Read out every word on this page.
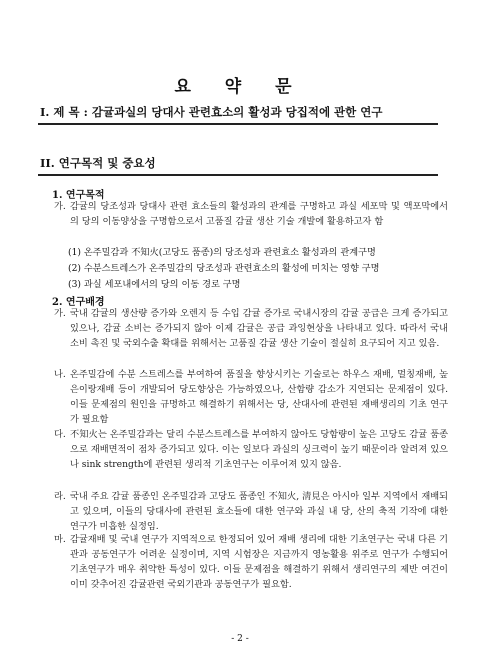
요 약 문
I. 제 목 : 감귤과실의 당대사 관련효소의 활성과 당집적에 관한 연구
II. 연구목적 및 중요성
1. 연구목적
가. 감귤의 당조성과 당대사 관련 효소들의 활성과의 관계를 구명하고 과실 세포막 및 액포막에서의 당의 이동양상을 구명함으로서 고품질 감귤 생산 기술 개발에 활용하고자 함
(1) 온주밀감과 不知火(고당도 품종)의 당조성과 관련효소 활성과의 관계구명
(2) 수분스트레스가 온주밀감의 당조성과 관련효소의 활성에 미치는 영향 구명
(3) 과실 세포내에서의 당의 이동 경로 구명
2. 연구배경
가. 국내 감귤의 생산량 증가와 오렌지 등 수입 감귤 증가로 국내시장의 감귤 공급은 크게 증가되고 있으나, 감귤 소비는 증가되지 않아 이제 감귤은 공급 과잉현상을 나타내고 있다. 따라서 국내 소비 촉진 및 국외수출 확대를 위해서는 고품질 감귤 생산 기술이 절실히 요구되어 지고 있음.
나. 온주밀감에 수분 스트레스를 부여하여 품질을 향상시키는 기술로는 하우스 재배, 멀칭재배, 높은이랑재배 등이 개발되어 당도향상은 가능하였으나, 산함량 감소가 지연되는 문제점이 있다. 이들 문제점의 원인을 규명하고 해결하기 위해서는 당, 산대사에 관련된 재배생리의 기초 연구가 필요함
다. 不知火는 온주밀감과는 달리 수분스트레스를 부여하지 않아도 당함량이 높은 고당도 감귤 품종으로 재배면적이 점차 증가되고 있다. 이는 일보다 과실의 싱크력이 높기 때문이라 알려져 있으나 sink strength에 관련된 생리적 기초연구는 이루어져 있지 않음.
라. 국내 주요 감귤 품종인 온주밀감과 고당도 품종인 不知火, 淸見은 아시아 일부 지역에서 재배되고 있으며, 이들의 당대사에 관련된 효소들에 대한 연구와 과실 내 당, 산의 축적 기작에 대한 연구가 미흡한 실정임.
마. 감귤재배 및 국내 연구가 지역적으로 한정되어 있어 재배 생리에 대한 기초연구는 국내 다른 기관과 공동연구가 어려운 실정이며, 지역 시험장은 지금까지 영농활용 위주로 연구가 수행되어 기초연구가 매우 취약한 특성이 있다. 이들 문제점을 해결하기 위해서 생리연구의 제반 여건이 이미 갖추어진 감귤관련 국외기관과 공동연구가 필요함.
- 2 -
